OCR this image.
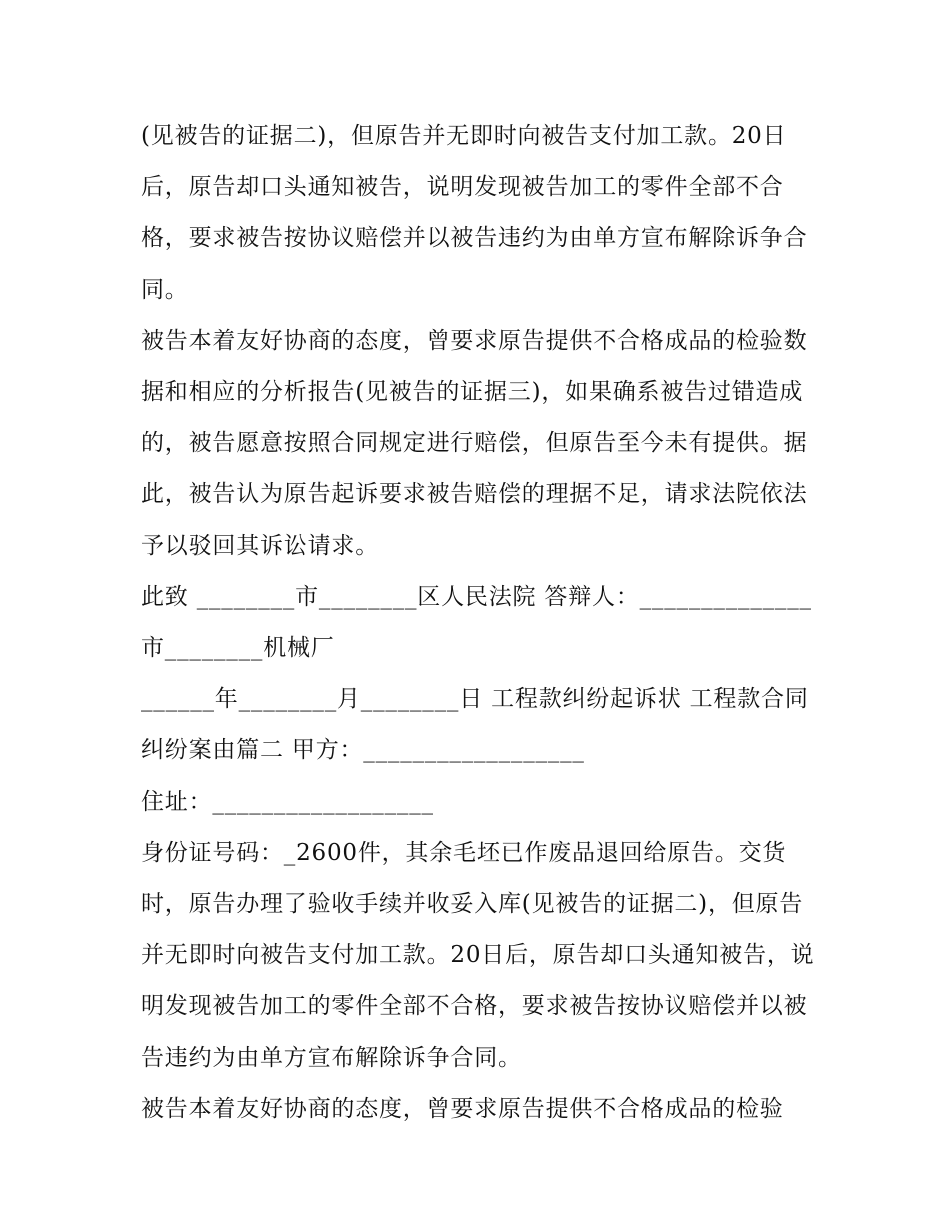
(见被告的证据二)，但原告并无即时向被告支付加工款。20日后，原告却口头通知被告，说明发现被告加工的零件全部不合格，要求被告按协议赔偿并以被告违约为由单方宣布解除诉争合同。

被告本着友好协商的态度，曾要求原告提供不合格成品的检验数据和相应的分析报告(见被告的证据三)，如果确系被告过错造成的，被告愿意按照合同规定进行赔偿，但原告至今未有提供。据此，被告认为原告起诉要求被告赔偿的理据不足，请求法院依法予以驳回其诉讼请求。

此致 ________市________区人民法院 答辩人：______________

市________机械厂

______年________月________日 工程款纠纷起诉状 工程款合同纠纷案由篇二 甲方：__________________

住址：__________________

身份证号码：_2600件，其余毛坯已作废品退回给原告。交货时，原告办理了验收手续并收妥入库(见被告的证据二)，但原告并无即时向被告支付加工款。20日后，原告却口头通知被告，说明发现被告加工的零件全部不合格，要求被告按协议赔偿并以被告违约为由单方宣布解除诉争合同。

被告本着友好协商的态度，曾要求原告提供不合格成品的检验
